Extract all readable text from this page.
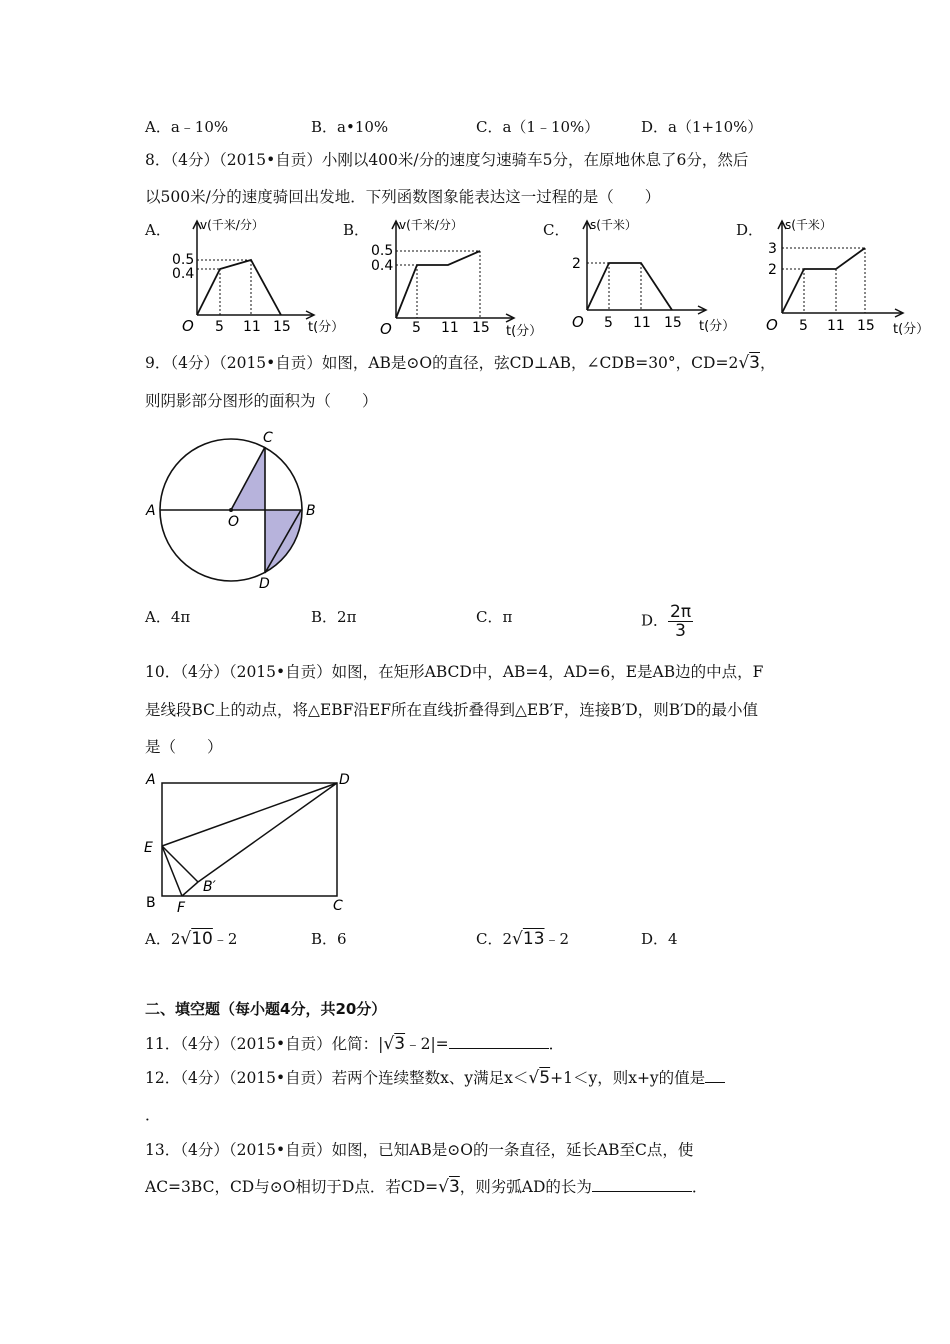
A．a﹣10%	B．a•10%	C．a（1﹣10%）	D．a（1+10%）
8．（4分）（2015•自贡）小刚以400米/分的速度匀速骑车5分，在原地休息了6分，然后
以500米/分的速度骑回出发地．下列函数图象能表达这一过程的是（　　）
A．	B．	C．	D．
v(千米/分）
0.5
0.4
O 5 11 15 t(分）
v(千米/分）
0.5
0.4
O 5 11 15 t(分）
s(千米）
2
O 5 11 15 t(分）
s(千米）
3
2
O 5 11 15 t(分）
9．（4分）（2015•自贡）如图，AB是⊙O的直径，弦CD⊥AB，∠CDB=30°，CD=2√3，
则阴影部分图形的面积为（　　）
A	B
C
D
O
A．4π	B．2π	C．π	D． $\frac{2\pi}{3}$
10．（4分）（2015•自贡）如图，在矩形ABCD中，AB=4，AD=6，E是AB边的中点，F
是线段BC上的动点，将△EBF沿EF所在直线折叠得到△EB′F，连接B′D，则B′D的最小值
是（　　）
A	D
E
B F
B′
C
A．2√10﹣2	B．6	C．2√13﹣2	D．4
二、填空题（每小题4分，共20分）
11．（4分）（2015•自贡）化简：|√3﹣2|=	．
12．（4分）（2015•自贡）若两个连续整数x、y满足x＜√5+1＜y，则x+y的值是
．
13．（4分）（2015•自贡）如图，已知AB是⊙O的一条直径，延长AB至C点，使
AC=3BC，CD与⊙O相切于D点．若CD=√3，则劣弧AD的长为	．
